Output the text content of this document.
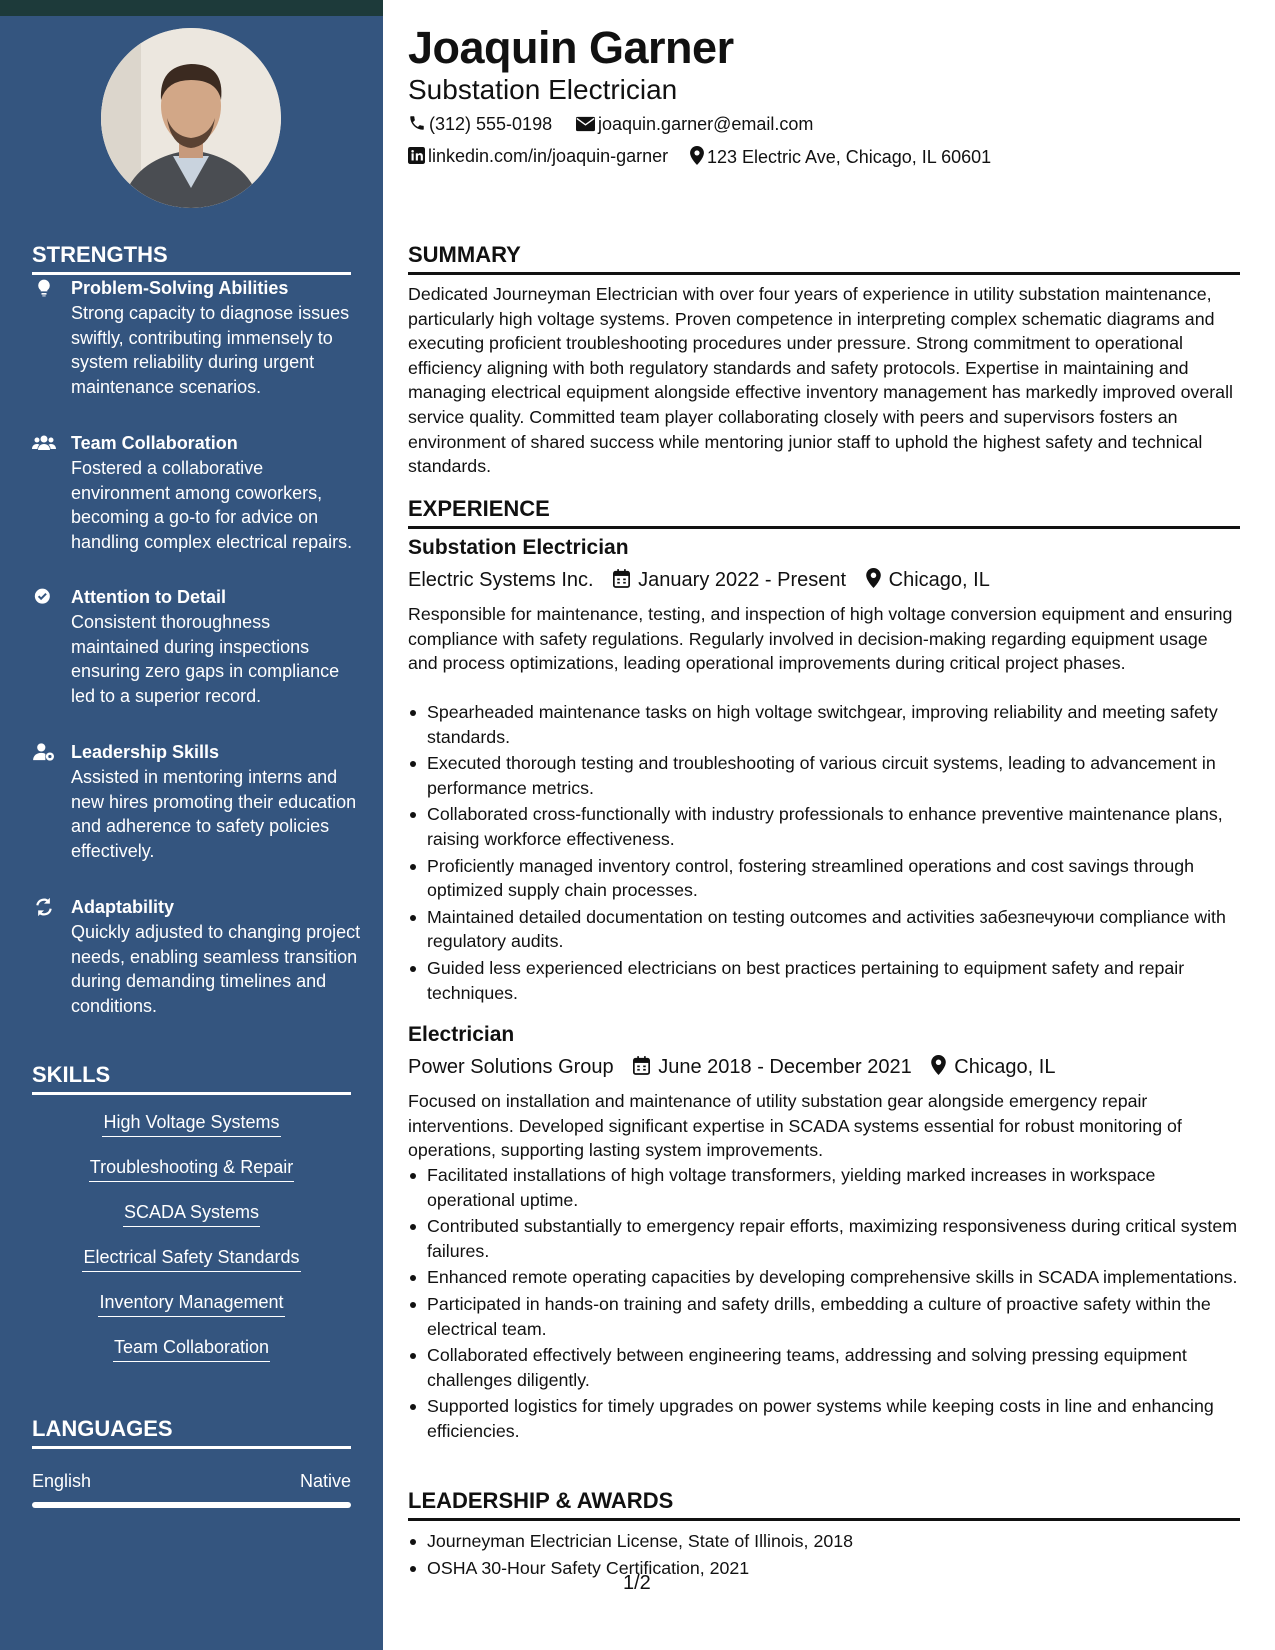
STRENGTHS
Problem-Solving Abilities
Strong capacity to diagnose issues swiftly, contributing immensely to system reliability during urgent maintenance scenarios.
Team Collaboration
Fostered a collaborative environment among coworkers, becoming a go-to for advice on handling complex electrical repairs.
Attention to Detail
Consistent thoroughness maintained during inspections ensuring zero gaps in compliance led to a superior record.
Leadership Skills
Assisted in mentoring interns and new hires promoting their education and adherence to safety policies effectively.
Adaptability
Quickly adjusted to changing project needs, enabling seamless transition during demanding timelines and conditions.
SKILLS
High Voltage Systems
Troubleshooting & Repair
SCADA Systems
Electrical Safety Standards
Inventory Management
Team Collaboration
LANGUAGES
English	Native
Joaquin Garner
Substation Electrician
(312) 555-0198	joaquin.garner@email.com
linkedin.com/in/joaquin-garner	123 Electric Ave, Chicago, IL 60601
SUMMARY
Dedicated Journeyman Electrician with over four years of experience in utility substation maintenance, particularly high voltage systems. Proven competence in interpreting complex schematic diagrams and executing proficient troubleshooting procedures under pressure. Strong commitment to operational efficiency aligning with both regulatory standards and safety protocols. Expertise in maintaining and managing electrical equipment alongside effective inventory management has markedly improved overall service quality. Committed team player collaborating closely with peers and supervisors fosters an environment of shared success while mentoring junior staff to uphold the highest safety and technical standards.
EXPERIENCE
Substation Electrician
Electric Systems Inc. January 2022 - Present Chicago, IL
Responsible for maintenance, testing, and inspection of high voltage conversion equipment and ensuring compliance with safety regulations. Regularly involved in decision-making regarding equipment usage and process optimizations, leading operational improvements during critical project phases.
Spearheaded maintenance tasks on high voltage switchgear, improving reliability and meeting safety standards.
Executed thorough testing and troubleshooting of various circuit systems, leading to advancement in performance metrics.
Collaborated cross-functionally with industry professionals to enhance preventive maintenance plans, raising workforce effectiveness.
Proficiently managed inventory control, fostering streamlined operations and cost savings through optimized supply chain processes.
Maintained detailed documentation on testing outcomes and activities забезпечуючи compliance with regulatory audits.
Guided less experienced electricians on best practices pertaining to equipment safety and repair techniques.
Electrician
Power Solutions Group June 2018 - December 2021 Chicago, IL
Focused on installation and maintenance of utility substation gear alongside emergency repair interventions. Developed significant expertise in SCADA systems essential for robust monitoring of operations, supporting lasting system improvements.
Facilitated installations of high voltage transformers, yielding marked increases in workspace operational uptime.
Contributed substantially to emergency repair efforts, maximizing responsiveness during critical system failures.
Enhanced remote operating capacities by developing comprehensive skills in SCADA implementations.
Participated in hands-on training and safety drills, embedding a culture of proactive safety within the electrical team.
Collaborated effectively between engineering teams, addressing and solving pressing equipment challenges diligently.
Supported logistics for timely upgrades on power systems while keeping costs in line and enhancing efficiencies.
LEADERSHIP & AWARDS
Journeyman Electrician License, State of Illinois, 2018
OSHA 30-Hour Safety Certification, 2021
1/2
